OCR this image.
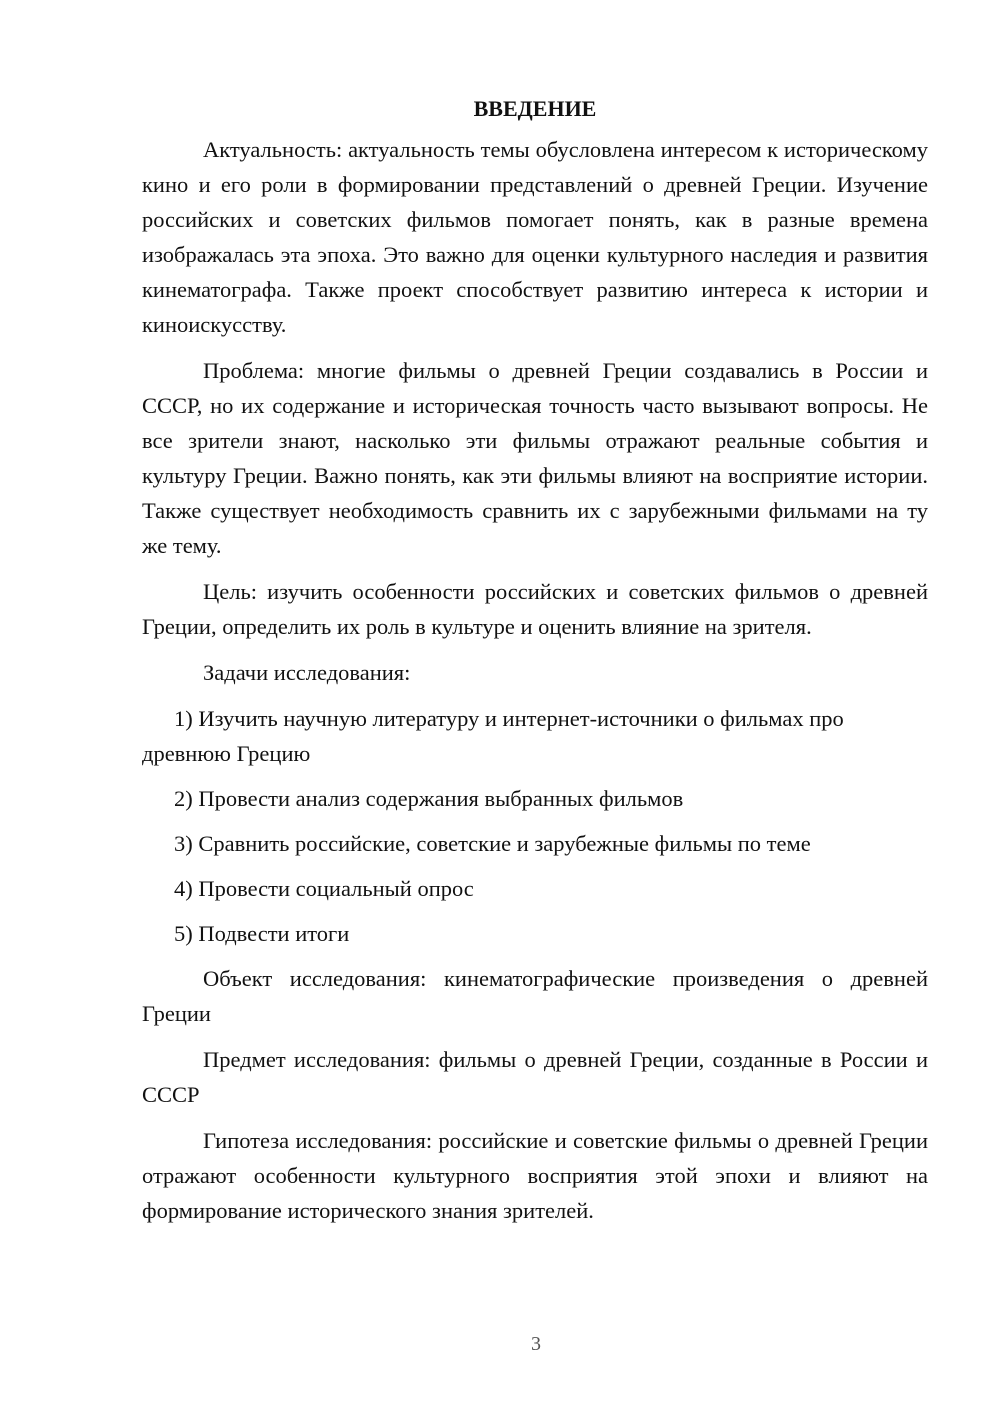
ВВЕДЕНИЕ

Актуальность: актуальность темы обусловлена интересом к историческому кино и его роли в формировании представлений о древней Греции. Изучение российских и советских фильмов помогает понять, как в разные времена изображалась эта эпоха. Это важно для оценки культурного наследия и развития кинематографа. Также проект способствует развитию интереса к истории и киноискусству.

Проблема: многие фильмы о древней Греции создавались в России и СССР, но их содержание и историческая точность часто вызывают вопросы. Не все зрители знают, насколько эти фильмы отражают реальные события и культуру Греции. Важно понять, как эти фильмы влияют на восприятие истории. Также существует необходимость сравнить их с зарубежными фильмами на ту же тему.

Цель: изучить особенности российских и советских фильмов о древней Греции, определить их роль в культуре и оценить влияние на зрителя.

Задачи исследования:

1) Изучить научную литературу и интернет-источники о фильмах про древнюю Грецию

2) Провести анализ содержания выбранных фильмов

3) Сравнить российские, советские и зарубежные фильмы по теме

4) Провести социальный опрос

5) Подвести итоги

Объект исследования: кинематографические произведения о древней Греции

Предмет исследования: фильмы о древней Греции, созданные в России и СССР

Гипотеза исследования: российские и советские фильмы о древней Греции отражают особенности культурного восприятия этой эпохи и влияют на формирование исторического знания зрителей.

3
